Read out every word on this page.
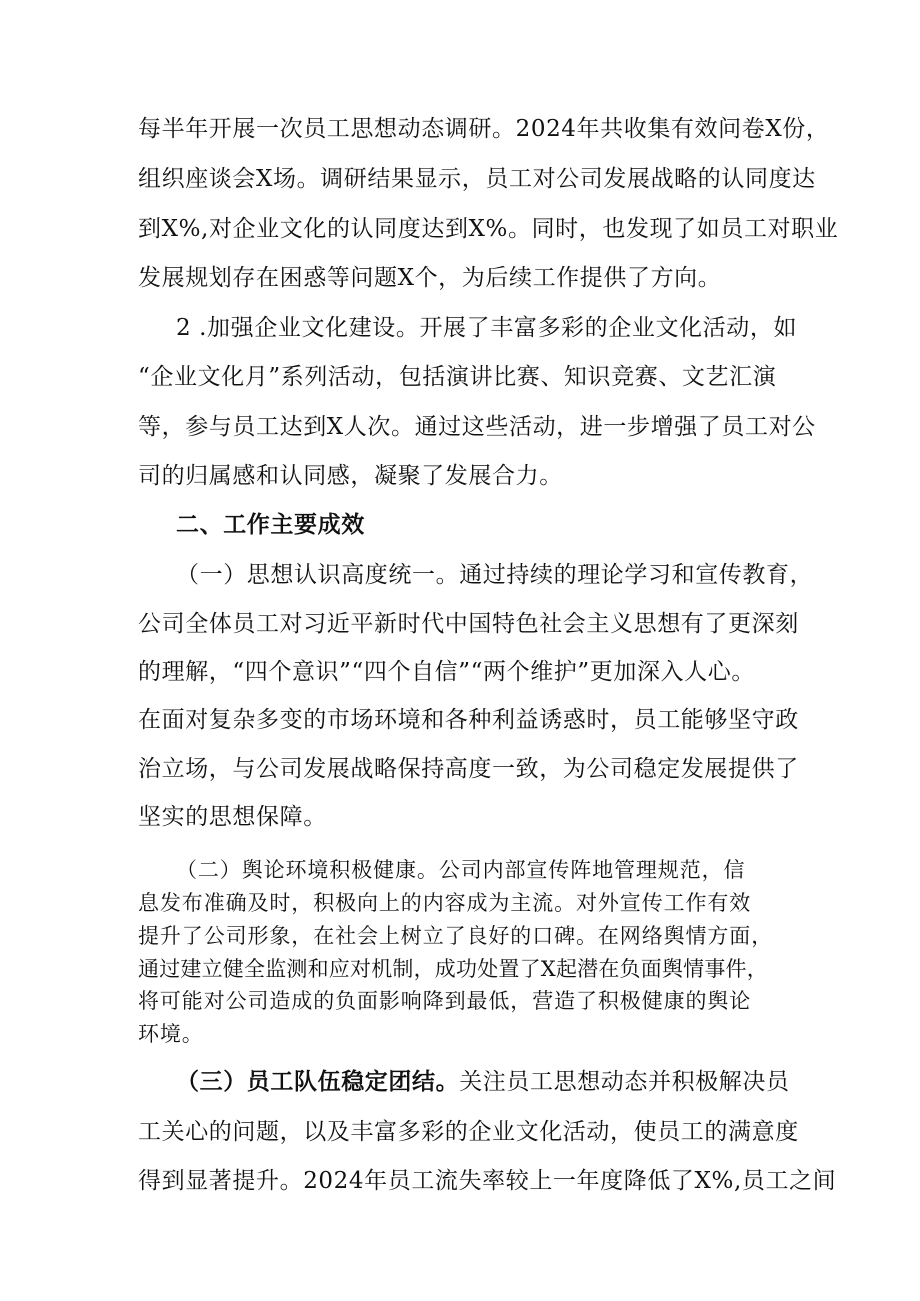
每半年开展一次员工思想动态调研。2024年共收集有效问卷X份，
组织座谈会X场。调研结果显示，员工对公司发展战略的认同度达
到X%,对企业文化的认同度达到X%。同时，也发现了如员工对职业
发展规划存在困惑等问题X个，为后续工作提供了方向。
2 .加强企业文化建设。开展了丰富多彩的企业文化活动，如
“企业文化月”系列活动，包括演讲比赛、知识竞赛、文艺汇演
等，参与员工达到X人次。通过这些活动，进一步增强了员工对公
司的归属感和认同感，凝聚了发展合力。
二、工作主要成效
（一）思想认识高度统一。通过持续的理论学习和宣传教育，
公司全体员工对习近平新时代中国特色社会主义思想有了更深刻
的理解，“四个意识”“四个自信”“两个维护”更加深入人心。
在面对复杂多变的市场环境和各种利益诱惑时，员工能够坚守政
治立场，与公司发展战略保持高度一致，为公司稳定发展提供了
坚实的思想保障。
（二）舆论环境积极健康。公司内部宣传阵地管理规范，信
息发布准确及时，积极向上的内容成为主流。对外宣传工作有效
提升了公司形象，在社会上树立了良好的口碑。在网络舆情方面，
通过建立健全监测和应对机制，成功处置了X起潜在负面舆情事件，
将可能对公司造成的负面影响降到最低，营造了积极健康的舆论
环境。
（三）员工队伍稳定团结。关注员工思想动态并积极解决员
工关心的问题，以及丰富多彩的企业文化活动，使员工的满意度
得到显著提升。2024年员工流失率较上一年度降低了X%,员工之间
